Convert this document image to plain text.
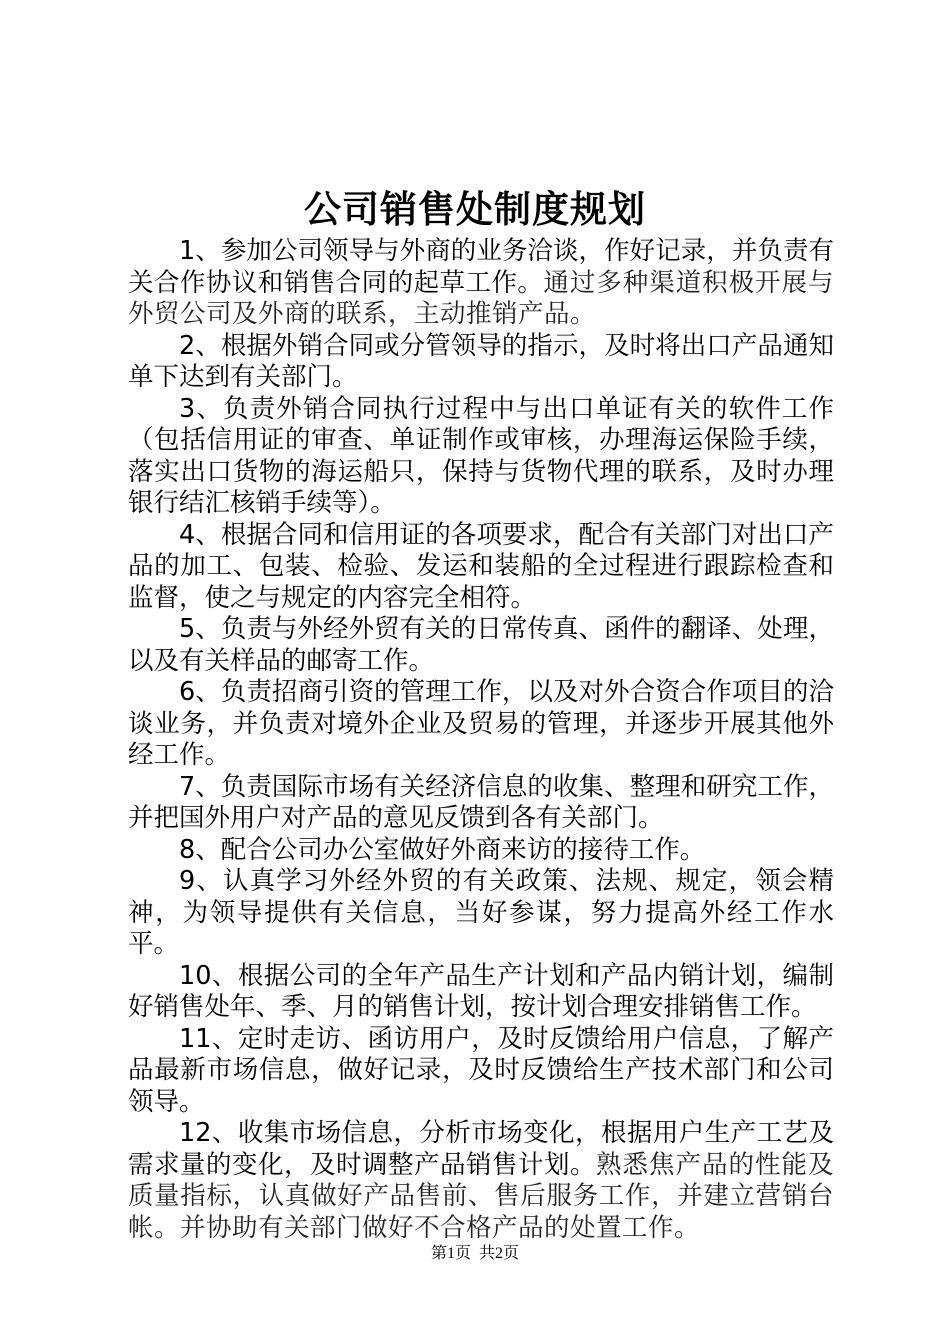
公司销售处制度规划

1、参加公司领导与外商的业务洽谈，作好记录，并负责有关合作协议和销售合同的起草工作。通过多种渠道积极开展与外贸公司及外商的联系，主动推销产品。

2、根据外销合同或分管领导的指示，及时将出口产品通知单下达到有关部门。

3、负责外销合同执行过程中与出口单证有关的软件工作（包括信用证的审查、单证制作或审核，办理海运保险手续，落实出口货物的海运船只，保持与货物代理的联系，及时办理银行结汇核销手续等）。

4、根据合同和信用证的各项要求，配合有关部门对出口产品的加工、包装、检验、发运和装船的全过程进行跟踪检查和监督，使之与规定的内容完全相符。

5、负责与外经外贸有关的日常传真、函件的翻译、处理，以及有关样品的邮寄工作。

6、负责招商引资的管理工作，以及对外合资合作项目的洽谈业务，并负责对境外企业及贸易的管理，并逐步开展其他外经工作。

7、负责国际市场有关经济信息的收集、整理和研究工作，并把国外用户对产品的意见反馈到各有关部门。

8、配合公司办公室做好外商来访的接待工作。

9、认真学习外经外贸的有关政策、法规、规定，领会精神，为领导提供有关信息，当好参谋，努力提高外经工作水平。

10、根据公司的全年产品生产计划和产品内销计划，编制好销售处年、季、月的销售计划，按计划合理安排销售工作。

11、定时走访、函访用户，及时反馈给用户信息，了解产品最新市场信息，做好记录，及时反馈给生产技术部门和公司领导。

12、收集市场信息，分析市场变化，根据用户生产工艺及需求量的变化，及时调整产品销售计划。熟悉焦产品的性能及质量指标，认真做好产品售前、售后服务工作，并建立营销台帐。并协助有关部门做好不合格产品的处置工作。

第1页 共2页
